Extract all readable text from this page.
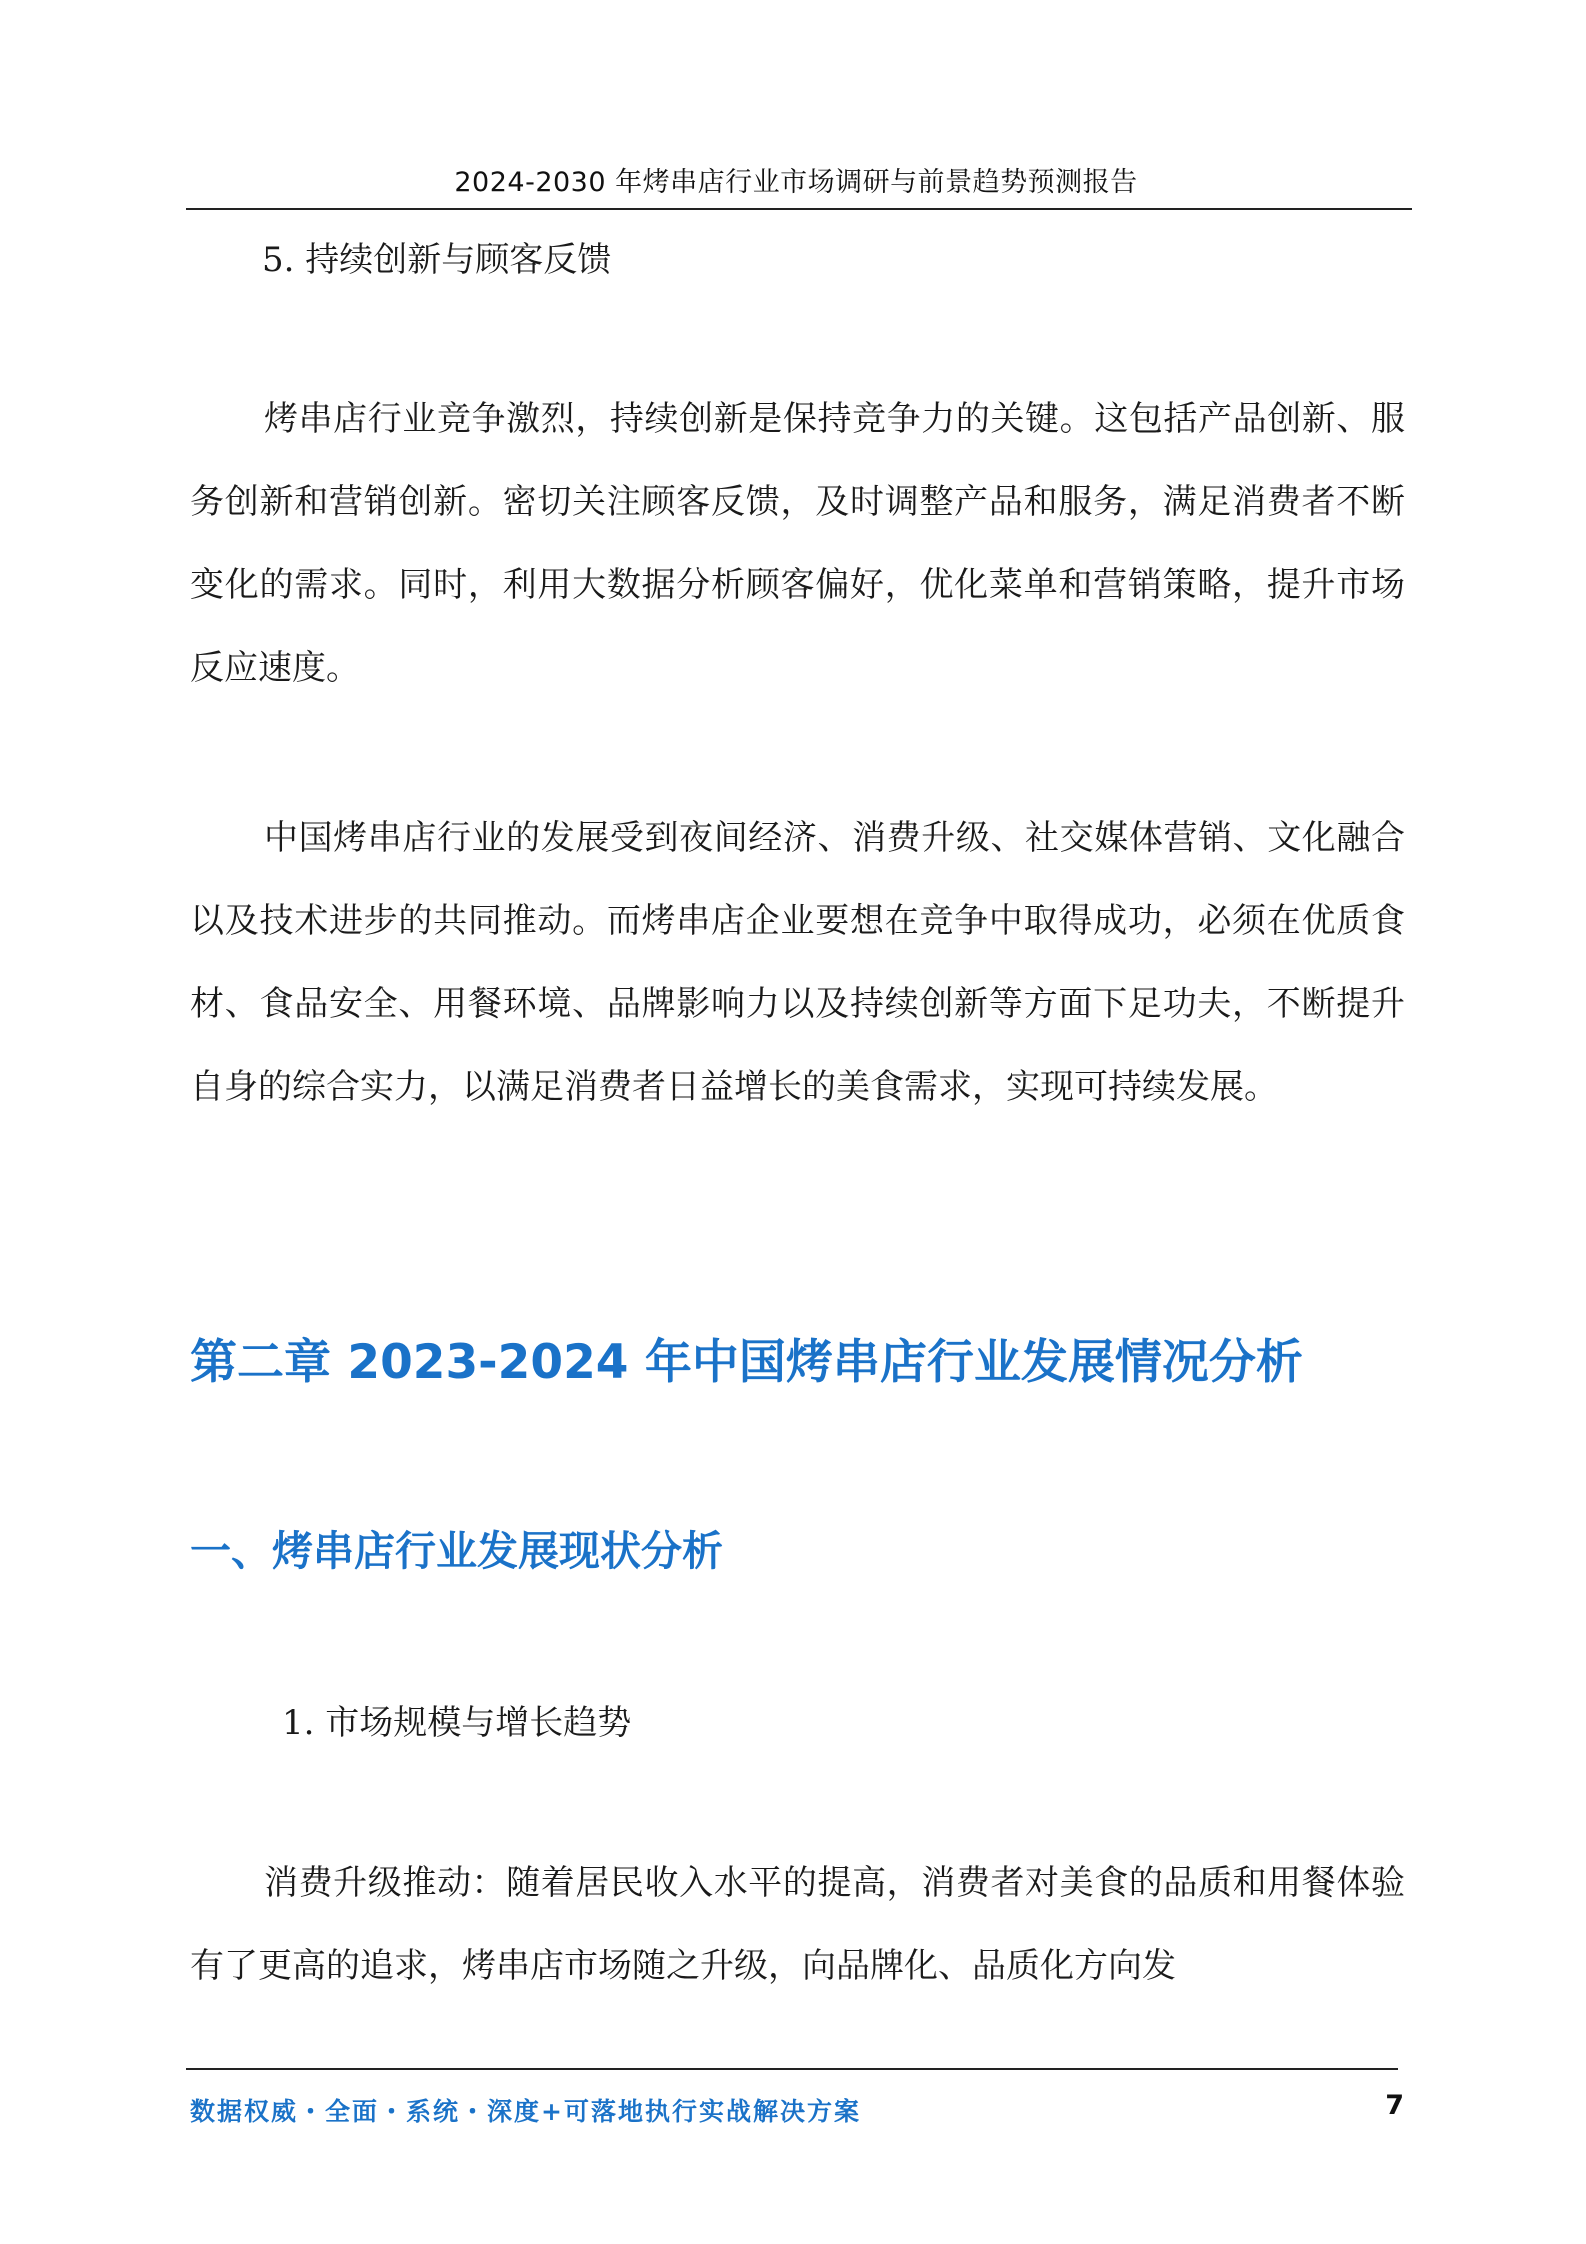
2024-2030 年烤串店行业市场调研与前景趋势预测报告
5. 持续创新与顾客反馈

烤串店行业竞争激烈，持续创新是保持竞争力的关键。这包括产品创新、服务创新和营销创新。密切关注顾客反馈，及时调整产品和服务，满足消费者不断变化的需求。同时，利用大数据分析顾客偏好，优化菜单和营销策略，提升市场反应速度。

中国烤串店行业的发展受到夜间经济、消费升级、社交媒体营销、文化融合以及技术进步的共同推动。而烤串店企业要想在竞争中取得成功，必须在优质食材、食品安全、用餐环境、品牌影响力以及持续创新等方面下足功夫，不断提升自身的综合实力，以满足消费者日益增长的美食需求，实现可持续发展。

第二章 2023-2024 年中国烤串店行业发展情况分析
一、烤串店行业发展现状分析
1. 市场规模与增长趋势

消费升级推动：随着居民收入水平的提高，消费者对美食的品质和用餐体验有了更高的追求，烤串店市场随之升级，向品牌化、品质化方向发

数据权威・全面・系统・深度+可落地执行实战解决方案	7
